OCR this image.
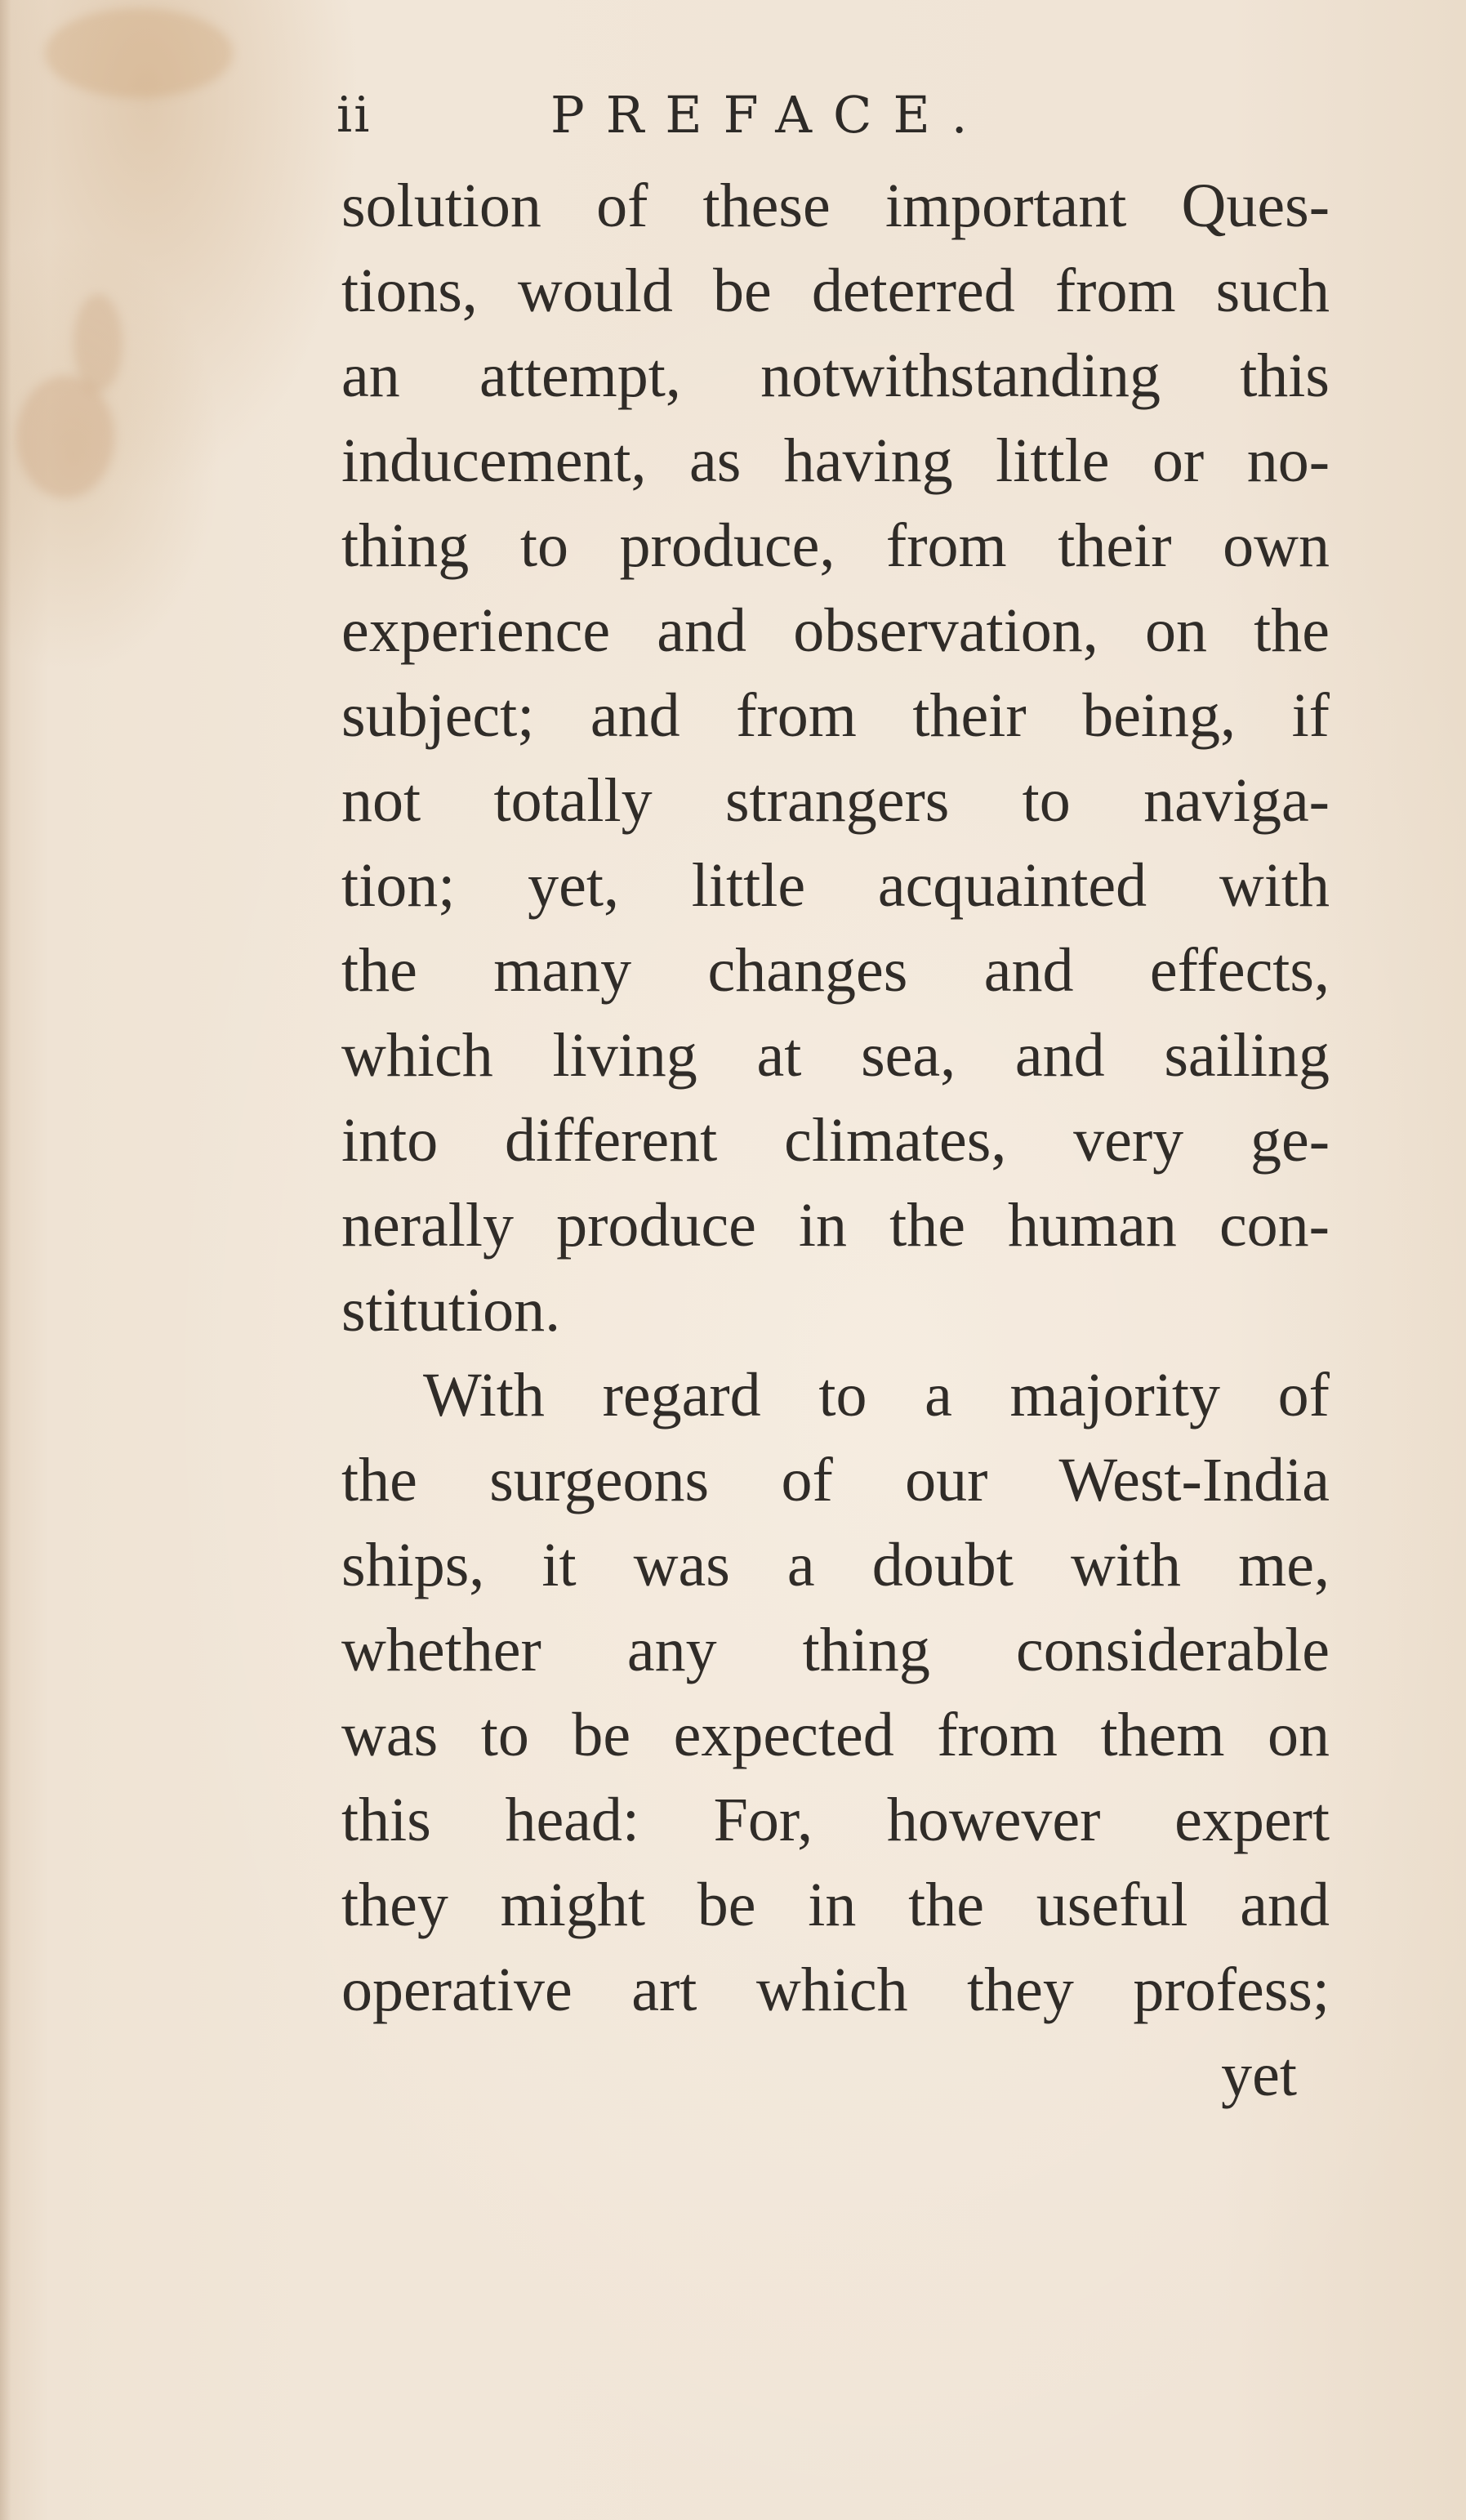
ii	PREFACE.
solution of these important Ques-
tions, would be deterred from such
an attempt, notwithstanding this
inducement, as having little or no-
thing to produce, from their own
experience and observation, on the
subject; and from their being, if
not totally strangers to naviga-
tion; yet, little acquainted with
the many changes and effects,
which living at sea, and sailing
into different climates, very ge-
nerally produce in the human con-
stitution.
With regard to a majority of
the surgeons of our West-India
ships, it was a doubt with me,
whether any thing considerable
was to be expected from them on
this head: For, however expert
they might be in the useful and
operative art which they profess;
yet
